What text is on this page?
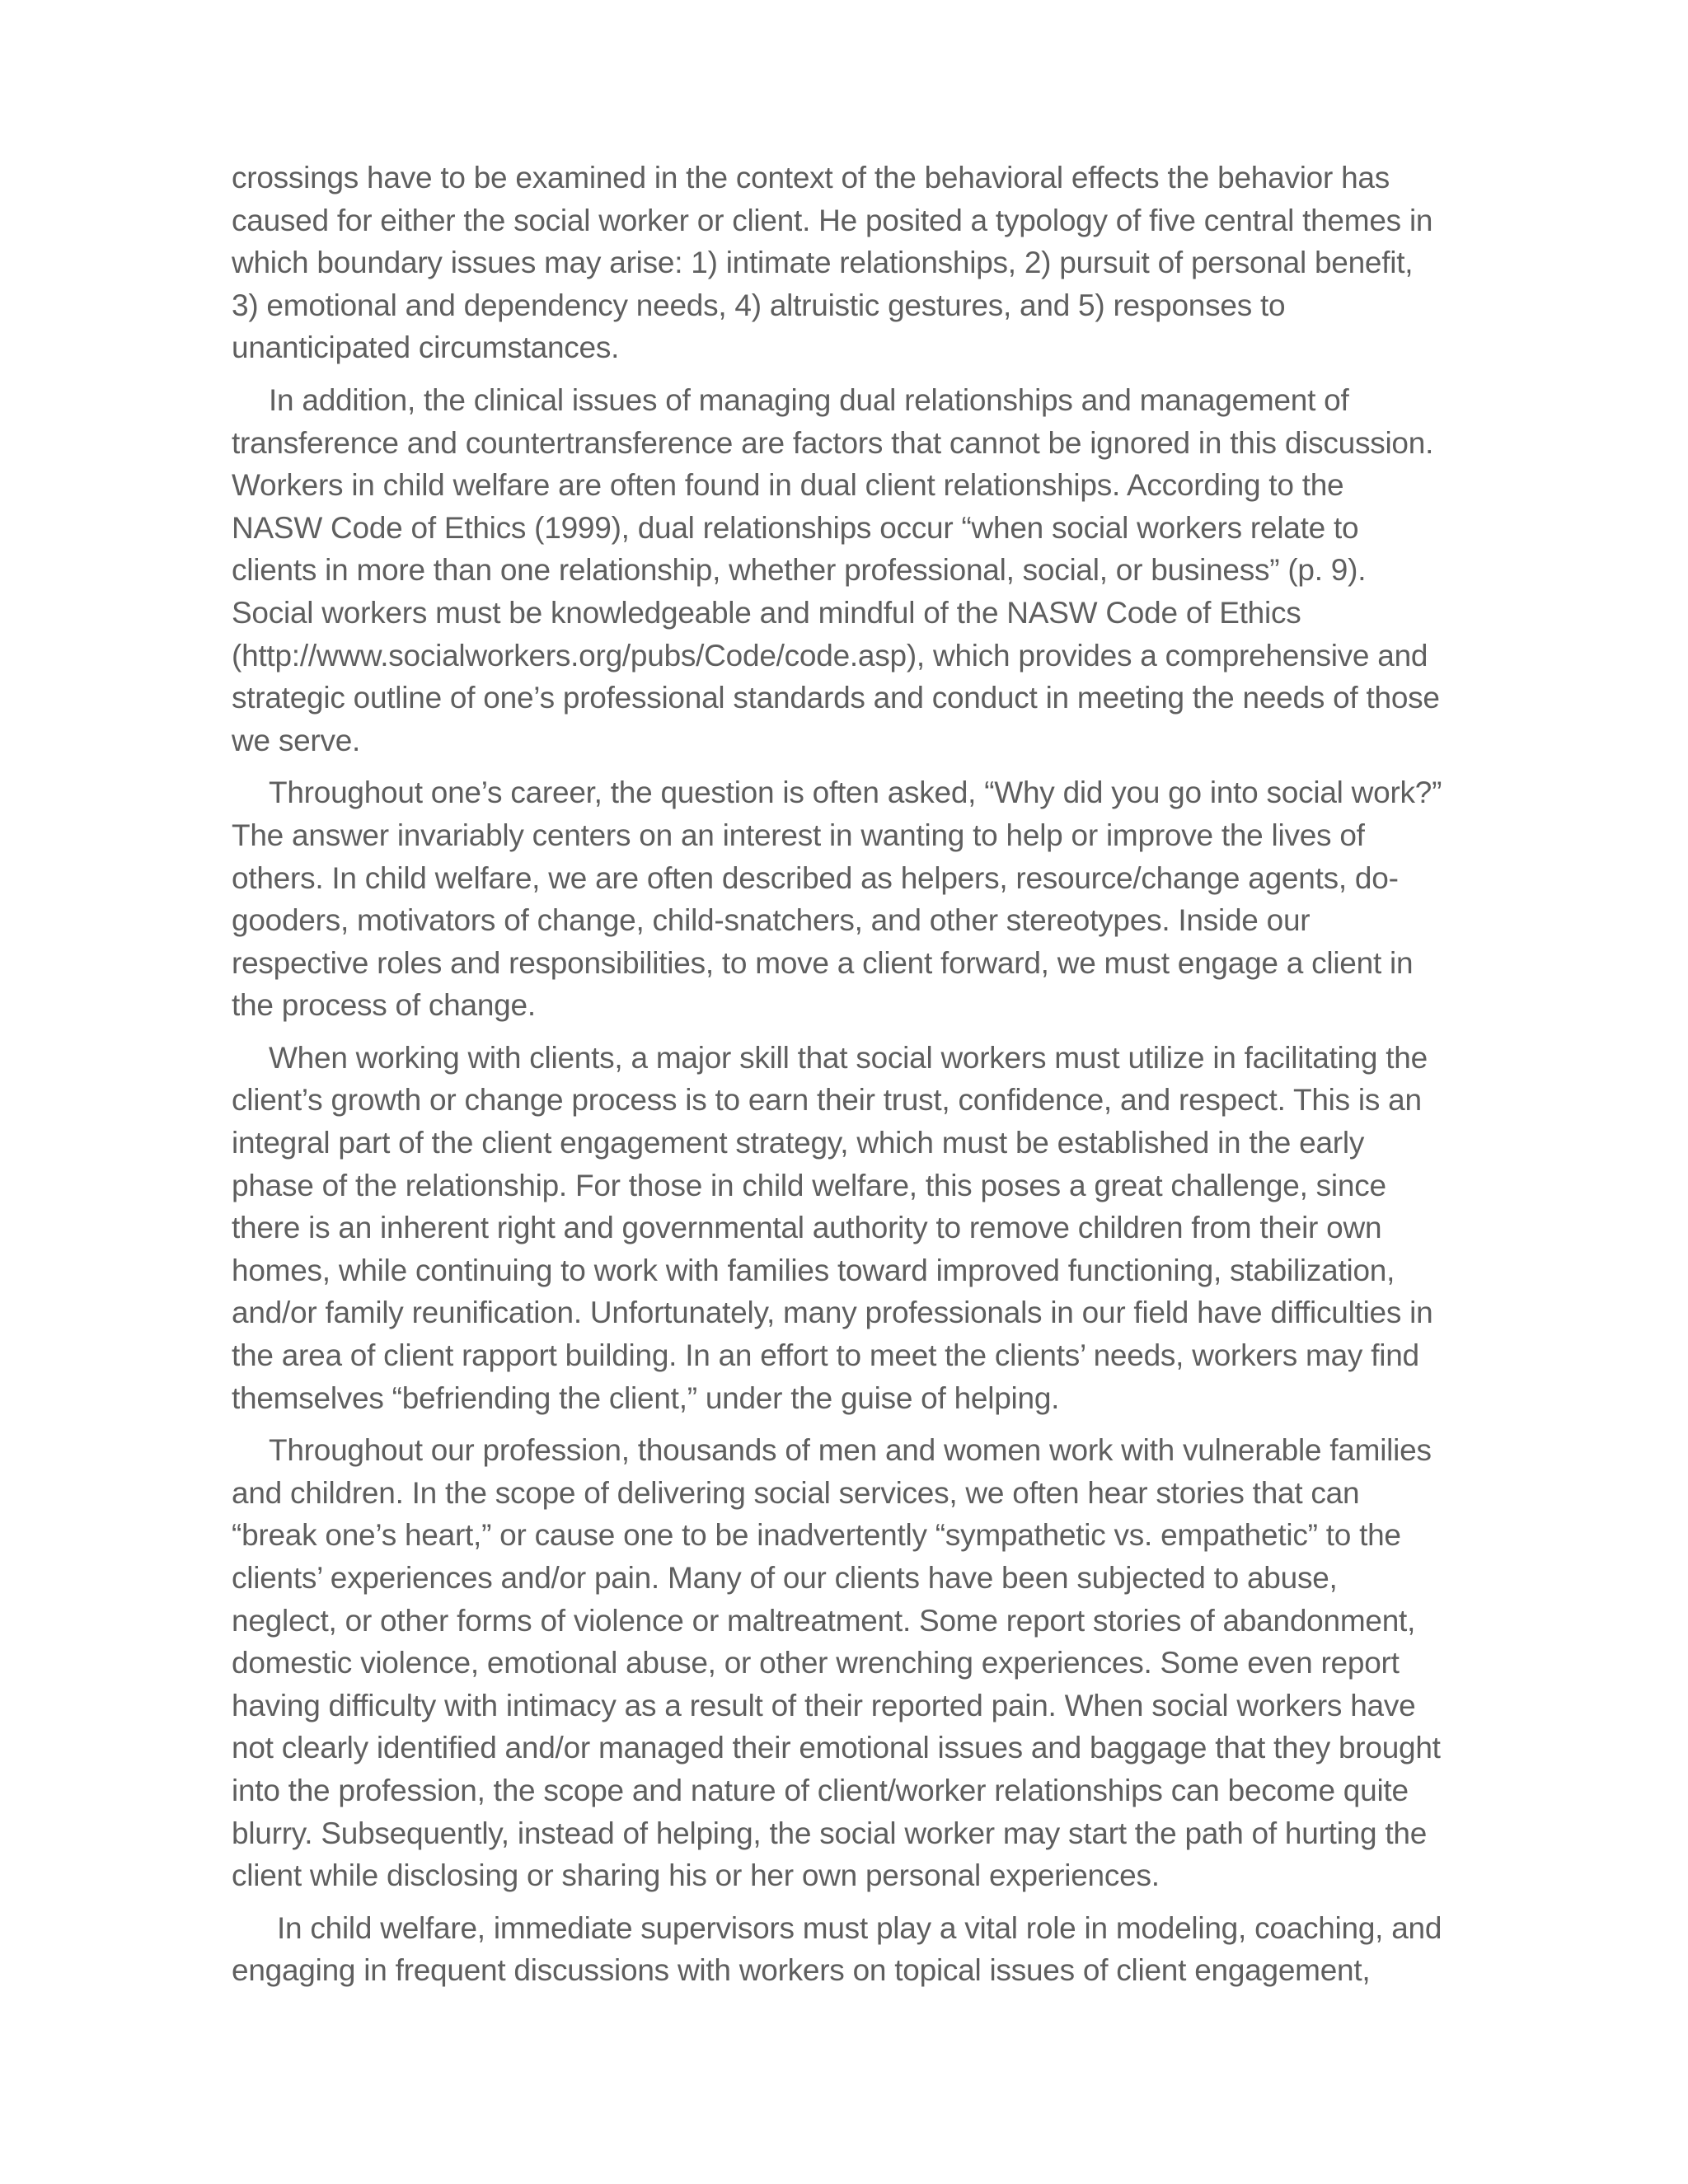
crossings have to be examined in the context of the behavioral effects the behavior has
caused for either the social worker or client. He posited a typology of five central themes in
which boundary issues may arise: 1) intimate relationships, 2) pursuit of personal benefit,
3) emotional and dependency needs, 4) altruistic gestures, and 5) responses to
unanticipated circumstances.

In addition, the clinical issues of managing dual relationships and management of
transference and countertransference are factors that cannot be ignored in this discussion.
Workers in child welfare are often found in dual client relationships. According to the
NASW Code of Ethics (1999), dual relationships occur “when social workers relate to
clients in more than one relationship, whether professional, social, or business” (p. 9).
Social workers must be knowledgeable and mindful of the NASW Code of Ethics
(http://www.socialworkers.org/pubs/Code/code.asp), which provides a comprehensive and
strategic outline of one’s professional standards and conduct in meeting the needs of those
we serve.

Throughout one’s career, the question is often asked, “Why did you go into social work?”
The answer invariably centers on an interest in wanting to help or improve the lives of
others. In child welfare, we are often described as helpers, resource/change agents, do-
gooders, motivators of change, child-snatchers, and other stereotypes. Inside our
respective roles and responsibilities, to move a client forward, we must engage a client in
the process of change.

When working with clients, a major skill that social workers must utilize in facilitating the
client’s growth or change process is to earn their trust, confidence, and respect. This is an
integral part of the client engagement strategy, which must be established in the early
phase of the relationship. For those in child welfare, this poses a great challenge, since
there is an inherent right and governmental authority to remove children from their own
homes, while continuing to work with families toward improved functioning, stabilization,
and/or family reunification. Unfortunately, many professionals in our field have difficulties in
the area of client rapport building. In an effort to meet the clients’ needs, workers may find
themselves “befriending the client,” under the guise of helping.

Throughout our profession, thousands of men and women work with vulnerable families
and children. In the scope of delivering social services, we often hear stories that can
“break one’s heart,” or cause one to be inadvertently “sympathetic vs. empathetic” to the
clients’ experiences and/or pain. Many of our clients have been subjected to abuse,
neglect, or other forms of violence or maltreatment. Some report stories of abandonment,
domestic violence, emotional abuse, or other wrenching experiences. Some even report
having difficulty with intimacy as a result of their reported pain. When social workers have
not clearly identified and/or managed their emotional issues and baggage that they brought
into the profession, the scope and nature of client/worker relationships can become quite
blurry. Subsequently, instead of helping, the social worker may start the path of hurting the
client while disclosing or sharing his or her own personal experiences.

In child welfare, immediate supervisors must play a vital role in modeling, coaching, and
engaging in frequent discussions with workers on topical issues of client engagement,
